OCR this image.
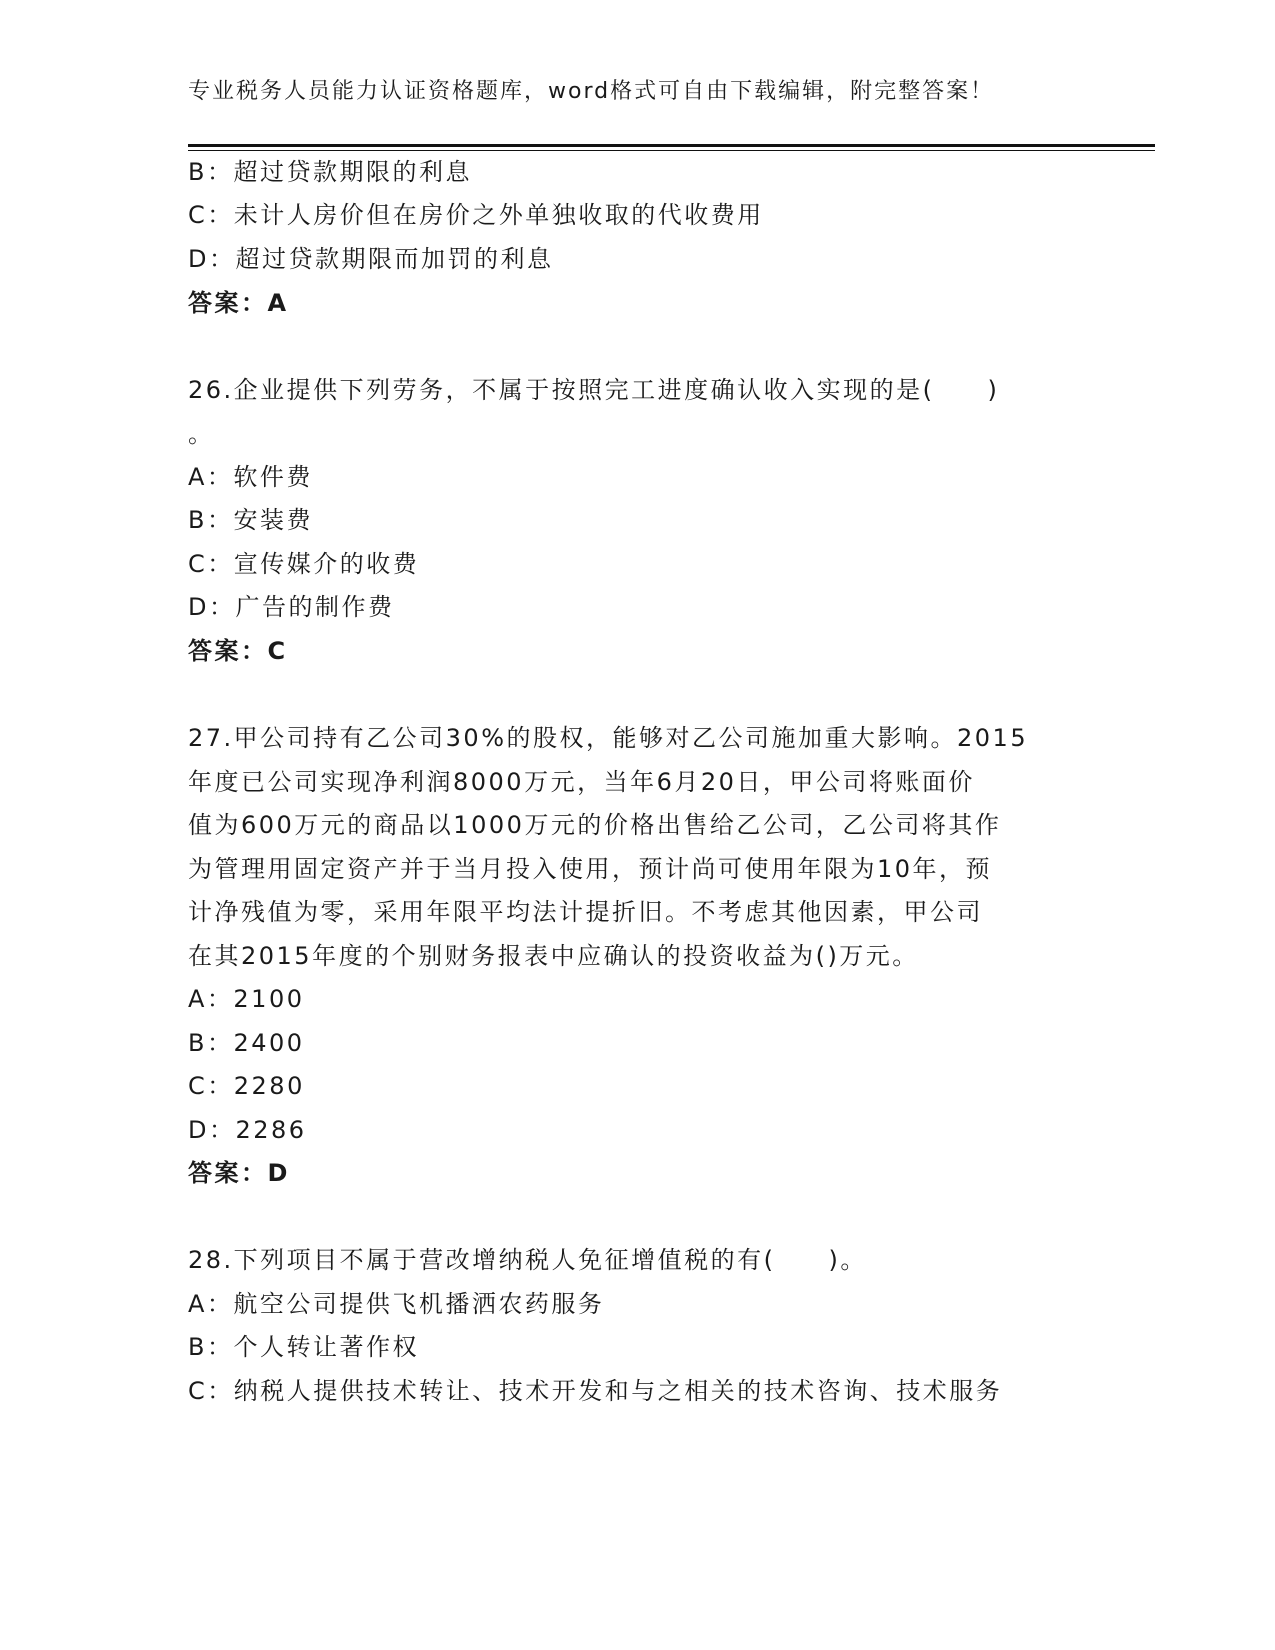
专业税务人员能力认证资格题库，word格式可自由下载编辑，附完整答案！
B：超过贷款期限的利息
C：未计人房价但在房价之外单独收取的代收费用
D：超过贷款期限而加罚的利息
答案：A
26.企业提供下列劳务，不属于按照完工进度确认收入实现的是(　　)
。
A：软件费
B：安装费
C：宣传媒介的收费
D：广告的制作费
答案：C
27.甲公司持有乙公司30%的股权，能够对乙公司施加重大影响。2015
年度已公司实现净利润8000万元，当年6月20日，甲公司将账面价
值为600万元的商品以1000万元的价格出售给乙公司，乙公司将其作
为管理用固定资产并于当月投入使用，预计尚可使用年限为10年，预
计净残值为零，采用年限平均法计提折旧。不考虑其他因素，甲公司
在其2015年度的个别财务报表中应确认的投资收益为()万元。
A：2100
B：2400
C：2280
D：2286
答案：D
28.下列项目不属于营改增纳税人免征增值税的有(　　)。
A：航空公司提供飞机播洒农药服务
B：个人转让著作权
C：纳税人提供技术转让、技术开发和与之相关的技术咨询、技术服务
